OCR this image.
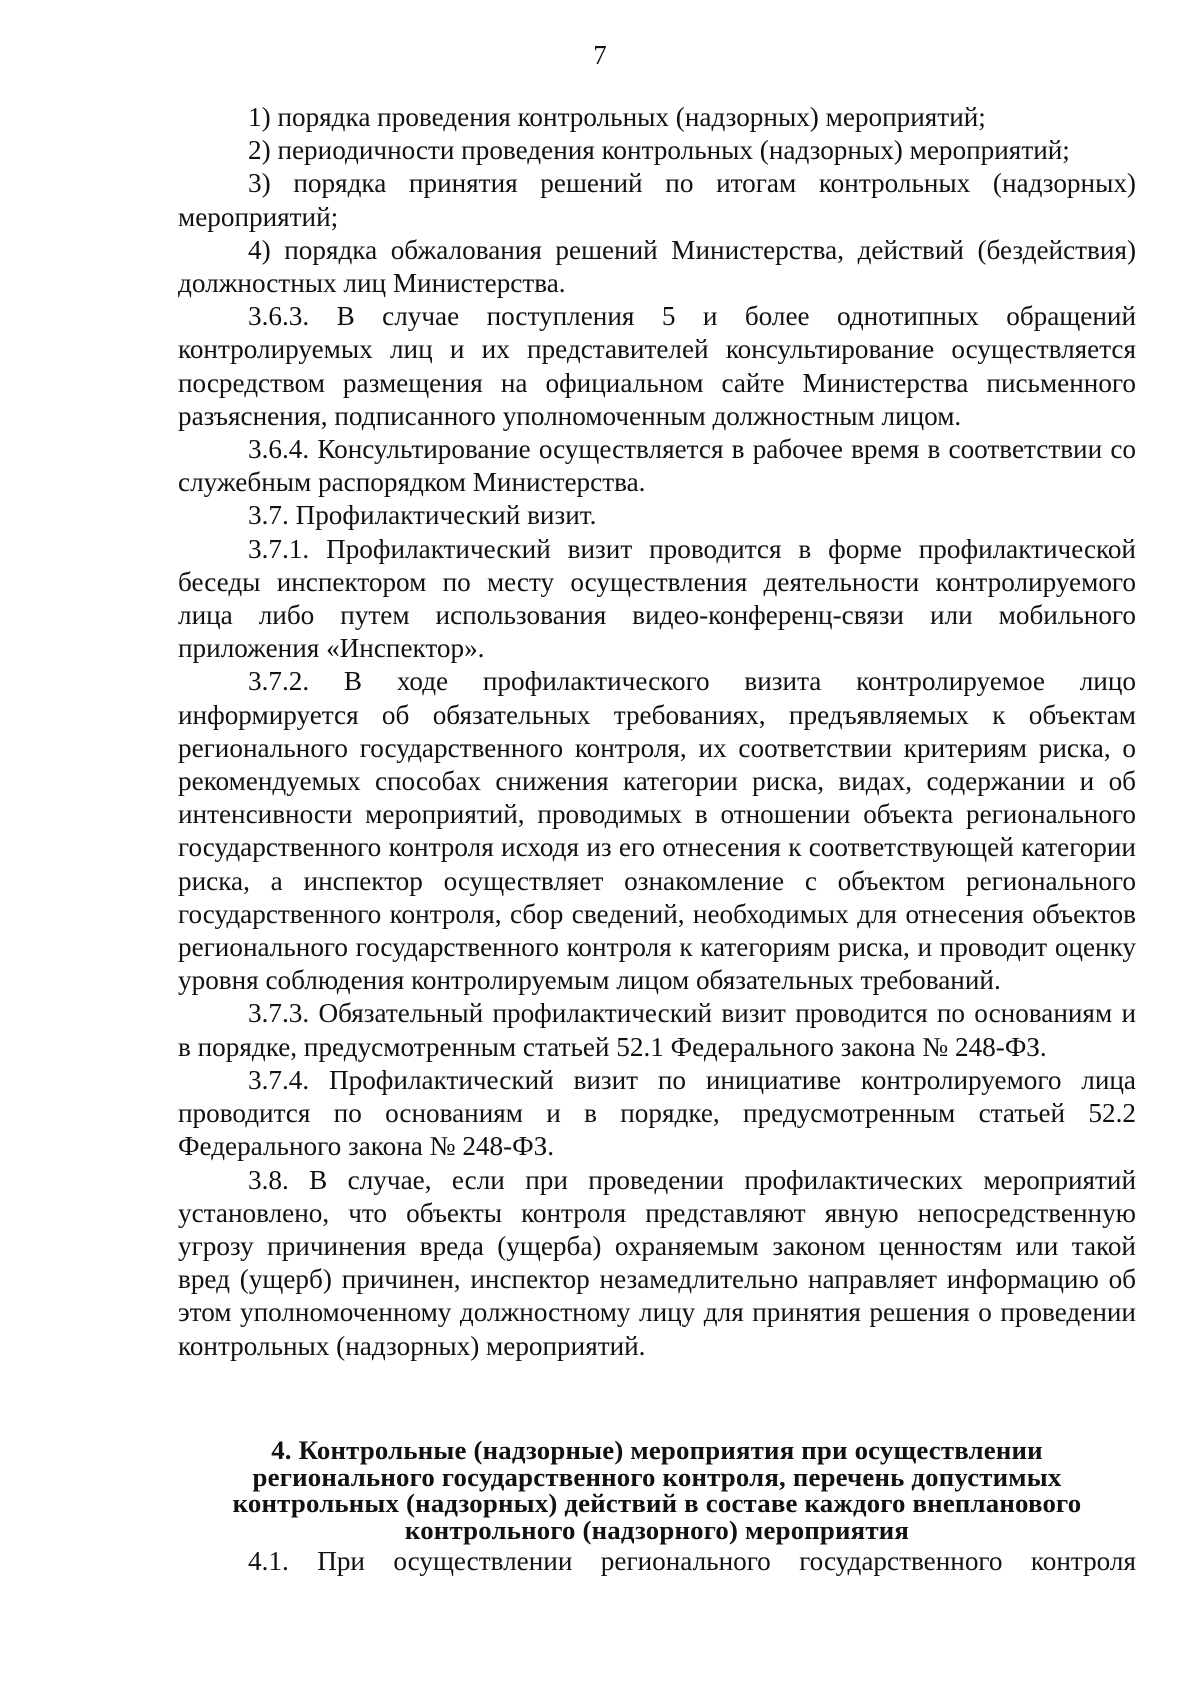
7

1) порядка проведения контрольных (надзорных) мероприятий;

2) периодичности проведения контрольных (надзорных) мероприятий;

3) порядка принятия решений по итогам контрольных (надзорных) мероприятий;

4) порядка обжалования решений Министерства, действий (бездействия) должностных лиц Министерства.

3.6.3. В случае поступления 5 и более однотипных обращений контролируемых лиц и их представителей консультирование осуществляется посредством размещения на официальном сайте Министерства письменного разъяснения, подписанного уполномоченным должностным лицом.

3.6.4. Консультирование осуществляется в рабочее время в соответствии со служебным распорядком Министерства.

3.7. Профилактический визит.

3.7.1. Профилактический визит проводится в форме профилактической беседы инспектором по месту осуществления деятельности контролируемого лица либо путем использования видео-конференц-связи или мобильного приложения «Инспектор».

3.7.2. В ходе профилактического визита контролируемое лицо информируется об обязательных требованиях, предъявляемых к объектам регионального государственного контроля, их соответствии критериям риска, о рекомендуемых способах снижения категории риска, видах, содержании и об интенсивности мероприятий, проводимых в отношении объекта регионального государственного контроля исходя из его отнесения к соответствующей категории риска, а инспектор осуществляет ознакомление с объектом регионального государственного контроля, сбор сведений, необходимых для отнесения объектов регионального государственного контроля к категориям риска, и проводит оценку уровня соблюдения контролируемым лицом обязательных требований.

3.7.3. Обязательный профилактический визит проводится по основаниям и в порядке, предусмотренным статьей 52.1 Федерального закона № 248-ФЗ.

3.7.4. Профилактический визит по инициативе контролируемого лица проводится по основаниям и в порядке, предусмотренным статьей 52.2 Федерального закона № 248-ФЗ.

3.8. В случае, если при проведении профилактических мероприятий установлено, что объекты контроля представляют явную непосредственную угрозу причинения вреда (ущерба) охраняемым законом ценностям или такой вред (ущерб) причинен, инспектор незамедлительно направляет информацию об этом уполномоченному должностному лицу для принятия решения о проведении контрольных (надзорных) мероприятий.

4. Контрольные (надзорные) мероприятия при осуществлении регионального государственного контроля, перечень допустимых контрольных (надзорных) действий в составе каждого внепланового контрольного (надзорного) мероприятия

4.1. При осуществлении регионального государственного контроля
